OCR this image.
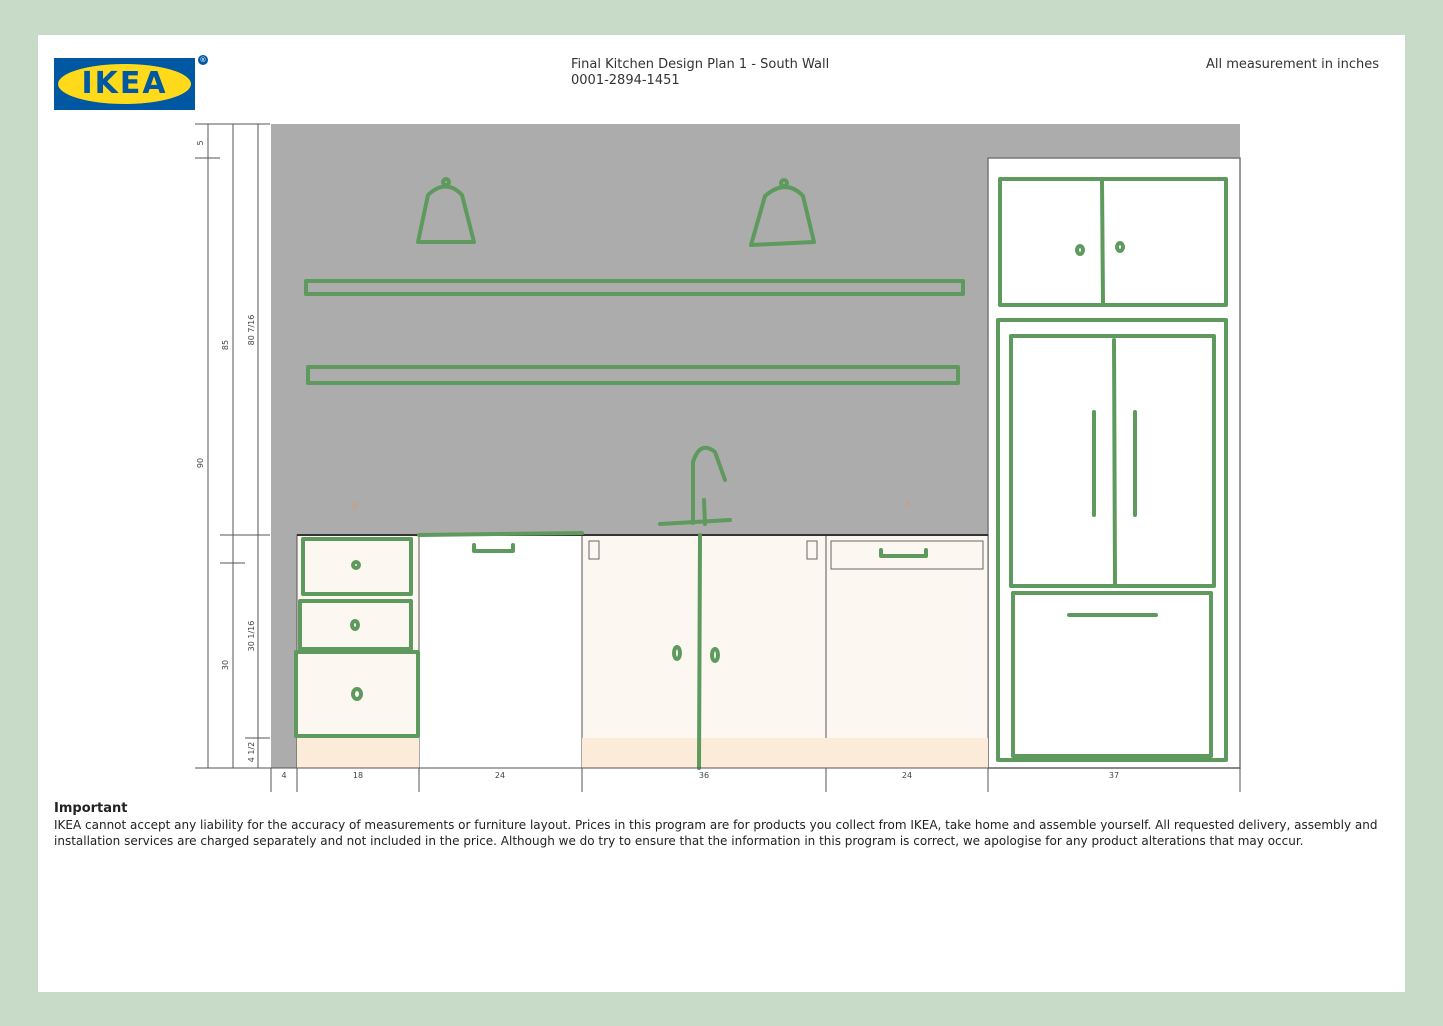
IKEA
®	Final Kitchen Design Plan 1 - South Wall
0001-2894-1451
All measurement in inches
5	7
5
85
90
30
80 7/16
30 1/16
4 1/2
4	18	24	36	24	37
Important
IKEA cannot accept any liability for the accuracy of measurements or furniture layout. Prices in this program are for products you collect from IKEA, take home and assemble yourself. All requested delivery, assembly and installation services are charged separately and not included in the price. Although we do try to ensure that the information in this program is correct, we apologise for any product alterations that may occur.
